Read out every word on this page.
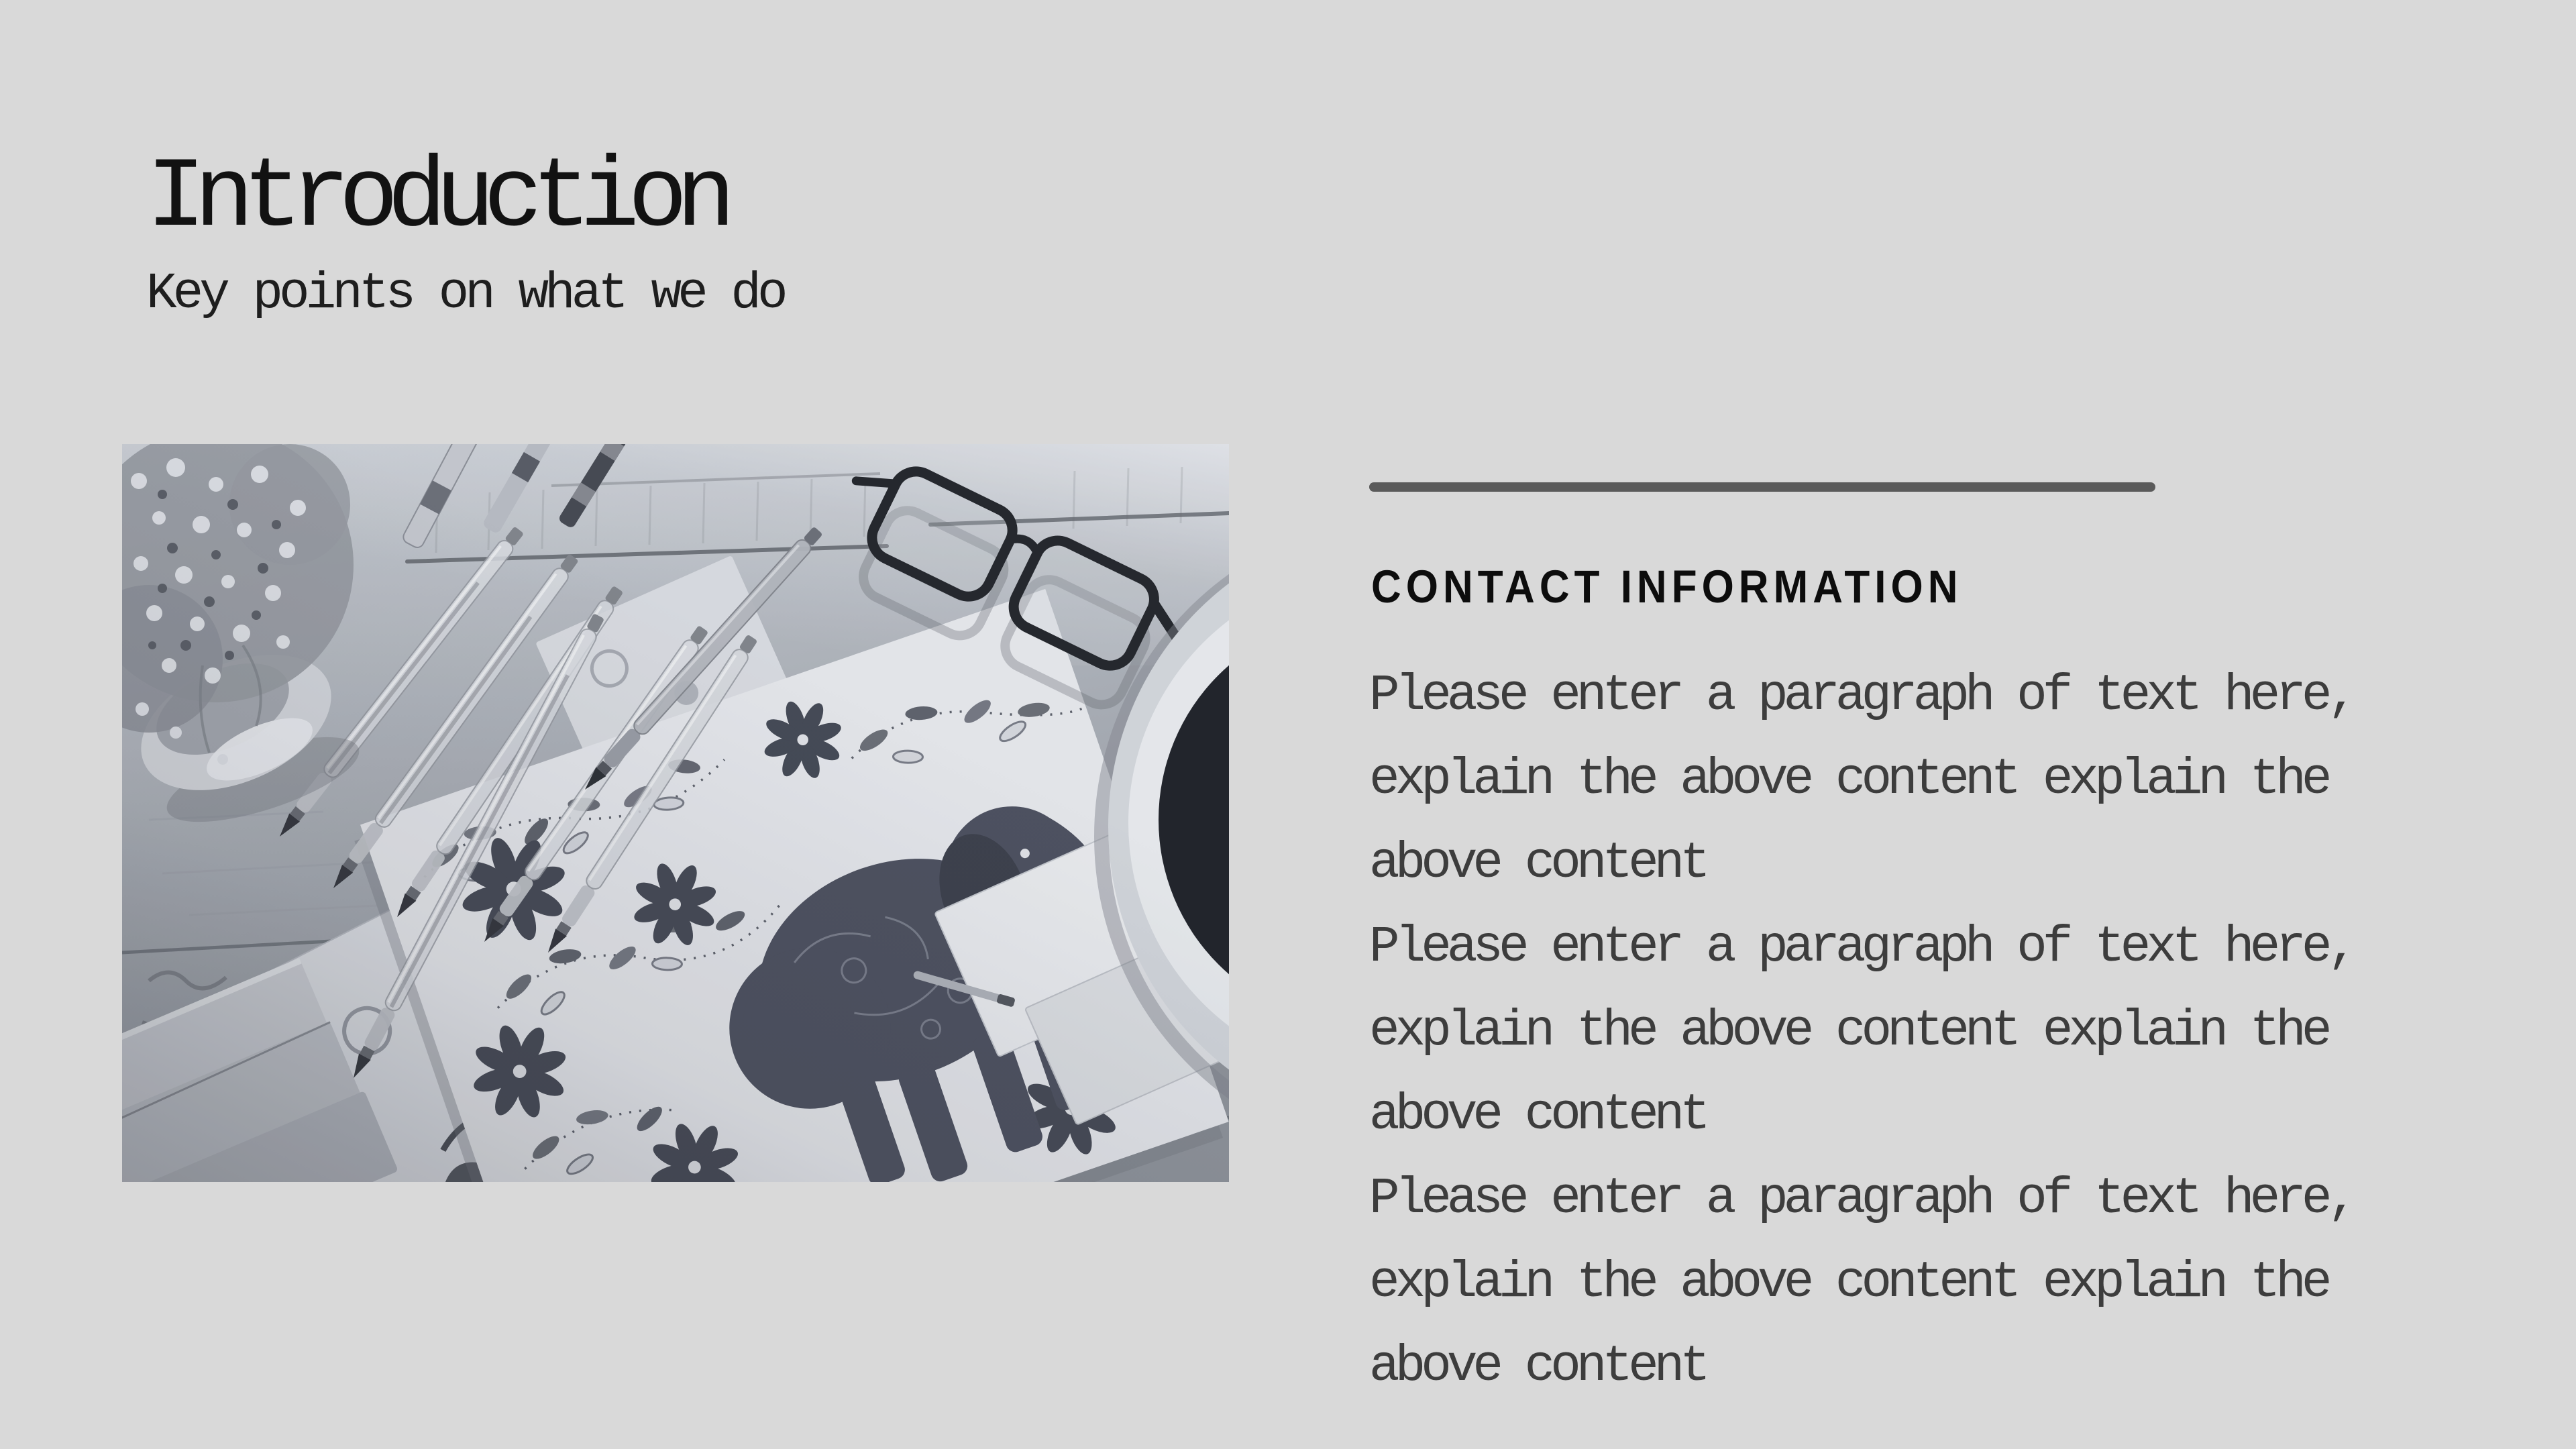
Introduction
Key points on what we do
CONTACT INFORMATION

Please enter a paragraph of text here, explain the above content explain the above content

Please enter a paragraph of text here, explain the above content explain the above content

Please enter a paragraph of text here, explain the above content explain the above content
